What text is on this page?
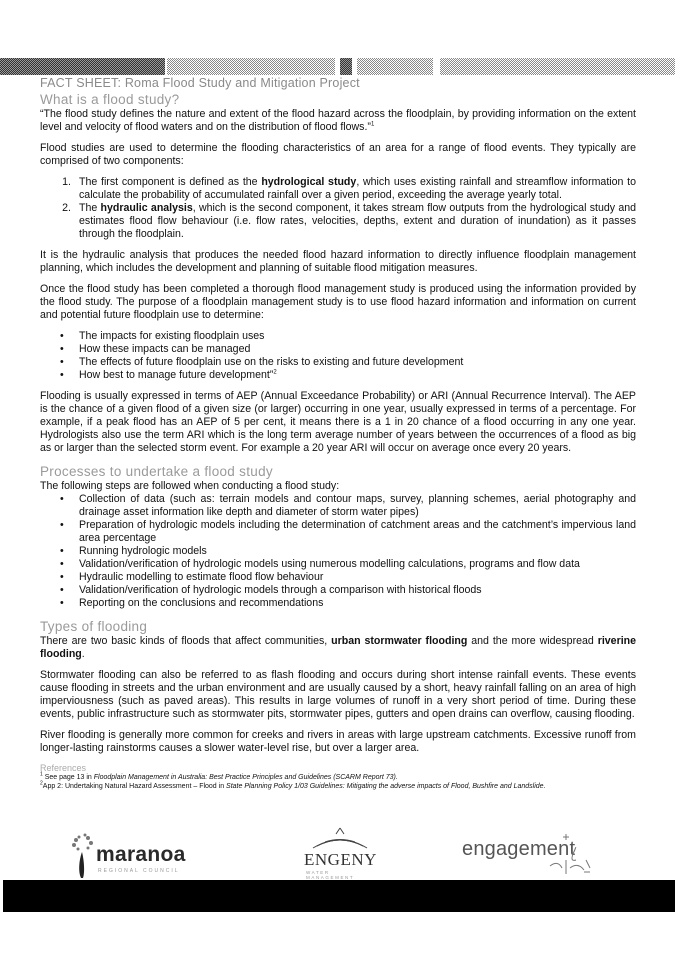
FACT SHEET: Roma Flood Study and Mitigation Project
What is a flood study?

“The flood study defines the nature and extent of the flood hazard across the floodplain, by providing information on the extent level and velocity of flood waters and on the distribution of flood flows.”$^1$

Flood studies are used to determine the flooding characteristics of an area for a range of flood events. They typically are comprised of two components:

1. The first component is defined as the hydrological study, which uses existing rainfall and streamflow information to calculate the probability of accumulated rainfall over a given period, exceeding the average yearly total.
2. The hydraulic analysis, which is the second component, it takes stream flow outputs from the hydrological study and estimates flood flow behaviour (i.e. flow rates, velocities, depths, extent and duration of inundation) as it passes through the floodplain.

It is the hydraulic analysis that produces the needed flood hazard information to directly influence floodplain management planning, which includes the development and planning of suitable flood mitigation measures.

Once the flood study has been completed a thorough flood management study is produced using the information provided by the flood study. The purpose of a floodplain management study is to use flood hazard information and information on current and potential future floodplain use to determine:

• The impacts for existing floodplain uses
• How these impacts can be managed
• The effects of future floodplain use on the risks to existing and future development
• How best to manage future development”$^2$

Flooding is usually expressed in terms of AEP (Annual Exceedance Probability) or ARI (Annual Recurrence Interval). The AEP is the chance of a given flood of a given size (or larger) occurring in one year, usually expressed in terms of a percentage. For example, if a peak flood has an AEP of 5 per cent, it means there is a 1 in 20 chance of a flood occurring in any one year. Hydrologists also use the term ARI which is the long term average number of years between the occurrences of a flood as big as or larger than the selected storm event. For example a 20 year ARI will occur on average once every 20 years.

Processes to undertake a flood study

The following steps are followed when conducting a flood study:

• Collection of data (such as: terrain models and contour maps, survey, planning schemes, aerial photography and drainage asset information like depth and diameter of storm water pipes)
• Preparation of hydrologic models including the determination of catchment areas and the catchment’s impervious land area percentage
• Running hydrologic models
• Validation/verification of hydrologic models using numerous modelling calculations, programs and flow data
• Hydraulic modelling to estimate flood flow behaviour
• Validation/verification of hydrologic models through a comparison with historical floods
• Reporting on the conclusions and recommendations
Types of flooding

There are two basic kinds of floods that affect communities, urban stormwater flooding and the more widespread riverine flooding.

Stormwater flooding can also be referred to as flash flooding and occurs during short intense rainfall events. These events cause flooding in streets and the urban environment and are usually caused by a short, heavy rainfall falling on an area of high imperviousness (such as paved areas). This results in large volumes of runoff in a very short period of time. During these events, public infrastructure such as stormwater pits, stormwater pipes, gutters and open drains can overflow, causing flooding.

River flooding is generally more common for creeks and rivers in areas with large upstream catchments. Excessive runoff from longer-lasting rainstorms causes a slower water-level rise, but over a larger area.

References
$^1$ See page 13 in Floodplain Management in Australia: Best Practice Principles and Guidelines (SCARM Report 73).
$^2$App 2: Undertaking Natural Hazard Assessment – Flood in State Planning Policy 1/03 Guidelines: Mitigating the adverse impacts of Flood, Bushfire and Landslide.
maranoa
REGIONAL COUNCIL
ENGENY
WATER MANAGEMENT
engagement
